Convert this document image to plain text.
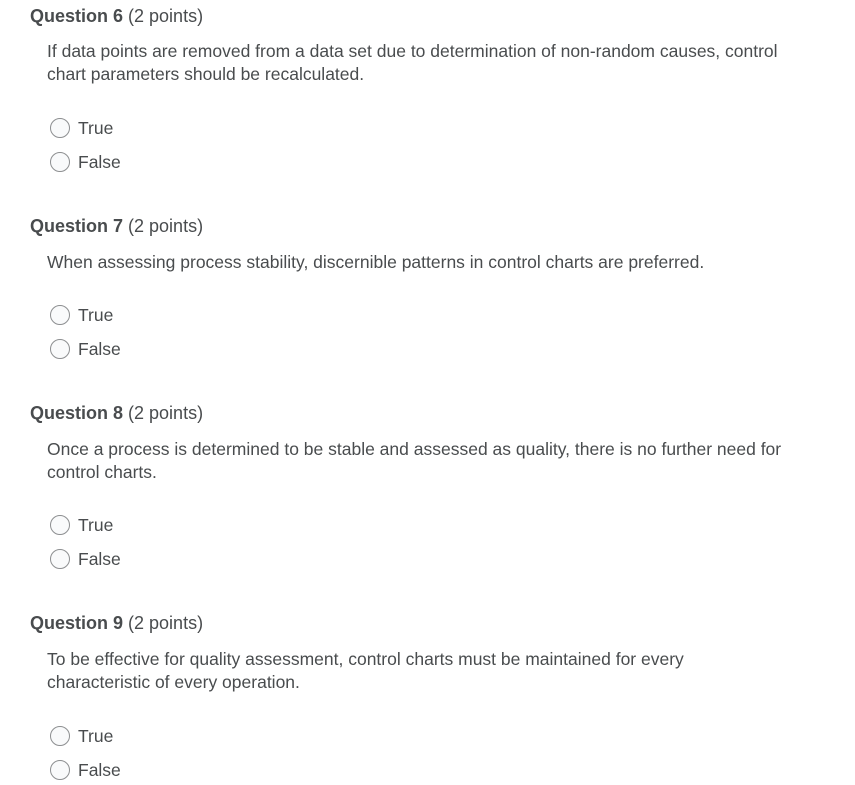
Question 6 (2 points)
If data points are removed from a data set due to determination of non-random causes, control chart parameters should be recalculated.
True
False
Question 7 (2 points)
When assessing process stability, discernible patterns in control charts are preferred.
True
False
Question 8 (2 points)
Once a process is determined to be stable and assessed as quality, there is no further need for control charts.
True
False
Question 9 (2 points)
To be effective for quality assessment, control charts must be maintained for every characteristic of every operation.
True
False
